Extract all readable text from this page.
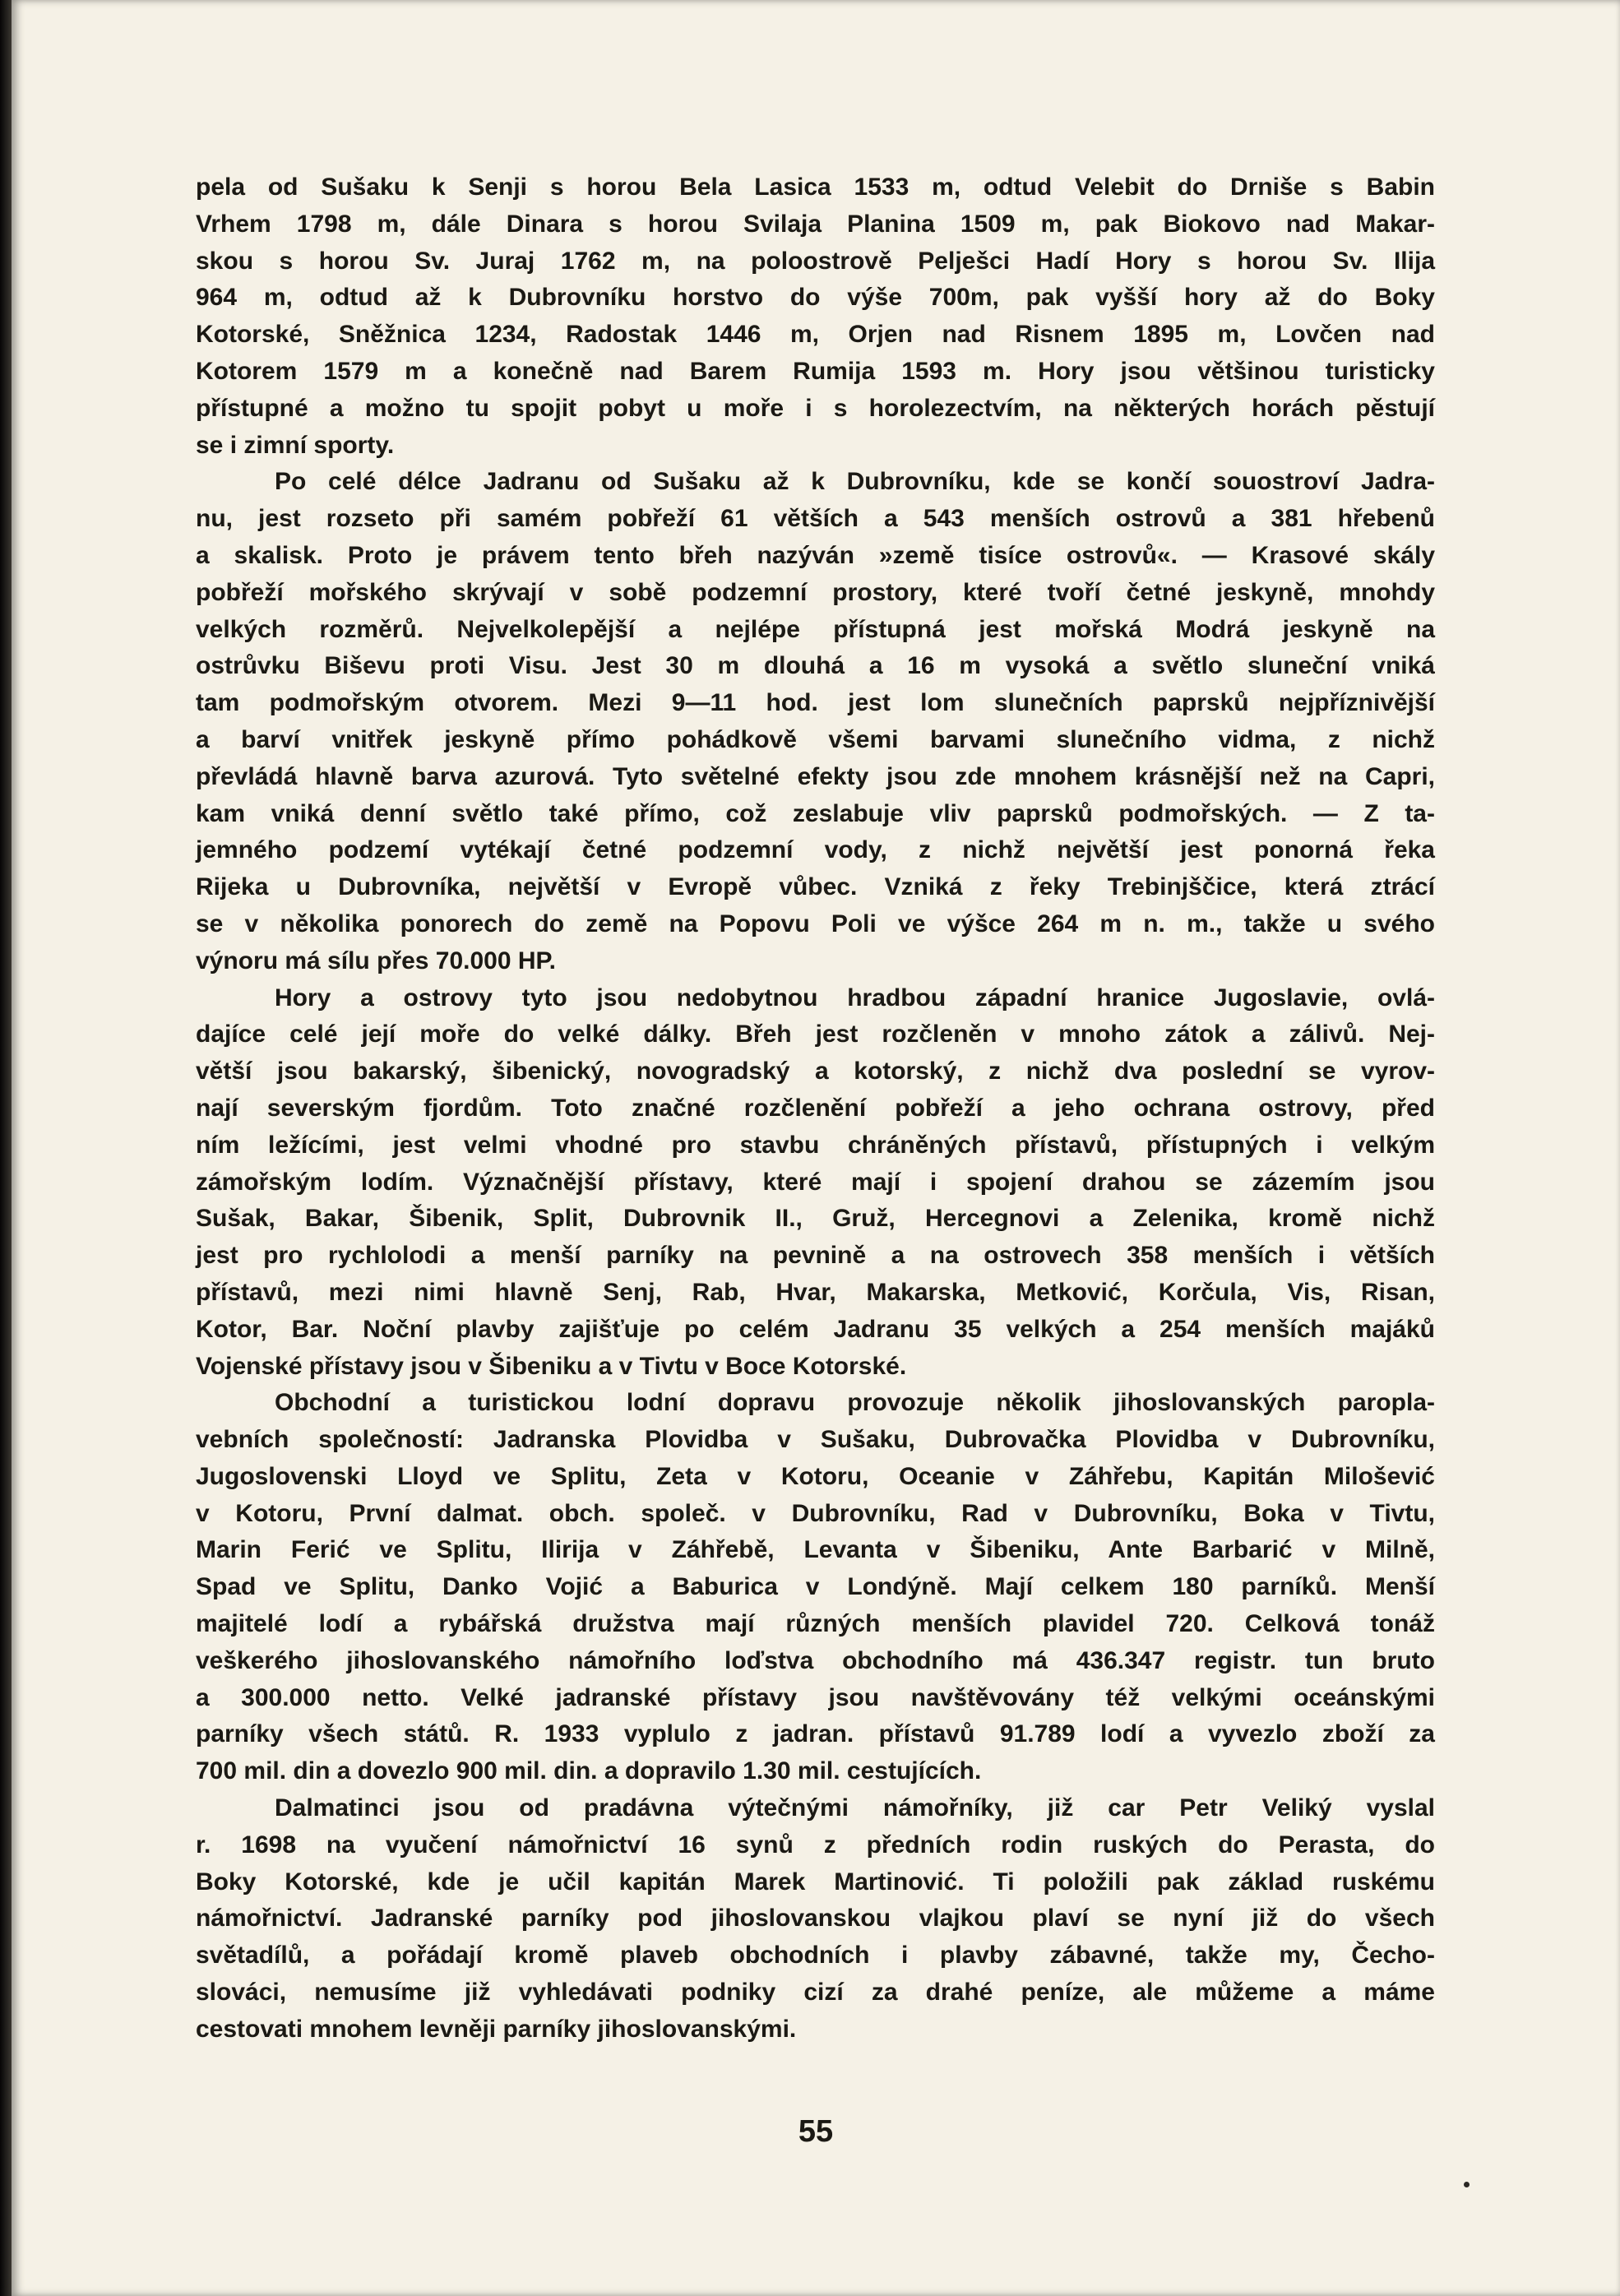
pela od Sušaku k Senji s horou Bela Lasica 1533 m, odtud Velebit do Drniše s Babin
Vrhem 1798 m, dále Dinara s horou Svilaja Planina 1509 m, pak Biokovo nad Makar-
skou s horou Sv. Juraj 1762 m, na poloostrově Pelješci Hadí Hory s horou Sv. Ilija
964 m, odtud až k Dubrovníku horstvo do výše 700m, pak vyšší hory až do Boky
Kotorské, Sněžnica 1234, Radostak 1446 m, Orjen nad Risnem 1895 m, Lovčen nad
Kotorem 1579 m a konečně nad Barem Rumija 1593 m. Hory jsou většinou turisticky
přístupné a možno tu spojit pobyt u moře i s horolezectvím, na některých horách pěstují
se i zimní sporty.

Po celé délce Jadranu od Sušaku až k Dubrovníku, kde se končí souostroví Jadra-
nu, jest rozseto při samém pobřeží 61 větších a 543 menších ostrovů a 381 hřebenů
a skalisk. Proto je právem tento břeh nazýván »země tisíce ostrovů«. — Krasové skály
pobřeží mořského skrývají v sobě podzemní prostory, které tvoří četné jeskyně, mnohdy
velkých rozměrů. Nejvelkolepější a nejlépe přístupná jest mořská Modrá jeskyně na
ostrůvku Biševu proti Visu. Jest 30 m dlouhá a 16 m vysoká a světlo sluneční vniká
tam podmořským otvorem. Mezi 9—11 hod. jest lom slunečních paprsků nejpříznivější
a barví vnitřek jeskyně přímo pohádkově všemi barvami slunečního vidma, z nichž
převládá hlavně barva azurová. Tyto světelné efekty jsou zde mnohem krásnější než na Capri,
kam vniká denní světlo také přímo, což zeslabuje vliv paprsků podmořských. — Z ta-
jemného podzemí vytékají četné podzemní vody, z nichž největší jest ponorná řeka
Rijeka u Dubrovníka, největší v Evropě vůbec. Vzniká z řeky Trebinjščice, která ztrácí
se v několika ponorech do země na Popovu Poli ve výšce 264 m n. m., takže u svého
výnoru má sílu přes 70.000 HP.

Hory a ostrovy tyto jsou nedobytnou hradbou západní hranice Jugoslavie, ovlá-
dajíce celé její moře do velké dálky. Břeh jest rozčleněn v mnoho zátok a zálivů. Nej-
větší jsou bakarský, šibenický, novogradský a kotorský, z nichž dva poslední se vyrov-
nají severským fjordům. Toto značné rozčlenění pobřeží a jeho ochrana ostrovy, před
ním ležícími, jest velmi vhodné pro stavbu chráněných přístavů, přístupných i velkým
zámořským lodím. Význačnější přístavy, které mají i spojení drahou se zázemím jsou
Sušak, Bakar, Šibenik, Split, Dubrovnik II., Gruž, Hercegnovi a Zelenika, kromě nichž
jest pro rychlolodi a menší parníky na pevnině a na ostrovech 358 menších i větších
přístavů, mezi nimi hlavně Senj, Rab, Hvar, Makarska, Metković, Korčula, Vis, Risan,
Kotor, Bar. Noční plavby zajišťuje po celém Jadranu 35 velkých a 254 menších majáků
Vojenské přístavy jsou v Šibeniku a v Tivtu v Boce Kotorské.

Obchodní a turistickou lodní dopravu provozuje několik jihoslovanských paropla-
vebních společností: Jadranska Plovidba v Sušaku, Dubrovačka Plovidba v Dubrovníku,
Jugoslovenski Lloyd ve Splitu, Zeta v Kotoru, Oceanie v Záhřebu, Kapitán Milošević
v Kotoru, První dalmat. obch. společ. v Dubrovníku, Rad v Dubrovníku, Boka v Tivtu,
Marin Ferić ve Splitu, Ilirija v Záhřebě, Levanta v Šibeniku, Ante Barbarić v Milně,
Spad ve Splitu, Danko Vojić a Baburica v Londýně. Mají celkem 180 parníků. Menší
majitelé lodí a rybářská družstva mají různých menších plavidel 720. Celková tonáž
veškerého jihoslovanského námořního loďstva obchodního má 436.347 registr. tun bruto
a 300.000 netto. Velké jadranské přístavy jsou navštěvovány též velkými oceánskými
parníky všech států. R. 1933 vyplulo z jadran. přístavů 91.789 lodí a vyvezlo zboží za
700 mil. din a dovezlo 900 mil. din. a dopravilo 1.30 mil. cestujících.

Dalmatinci jsou od pradávna výtečnými námořníky, již car Petr Veliký vyslal
r. 1698 na vyučení námořnictví 16 synů z předních rodin ruských do Perasta, do
Boky Kotorské, kde je učil kapitán Marek Martinović. Ti položili pak základ ruskému
námořnictví. Jadranské parníky pod jihoslovanskou vlajkou plaví se nyní již do všech
světadílů, a pořádají kromě plaveb obchodních i plavby zábavné, takže my, Čecho-
slováci, nemusíme již vyhledávati podniky cizí za drahé peníze, ale můžeme a máme
cestovati mnohem levněji parníky jihoslovanskými.

55
